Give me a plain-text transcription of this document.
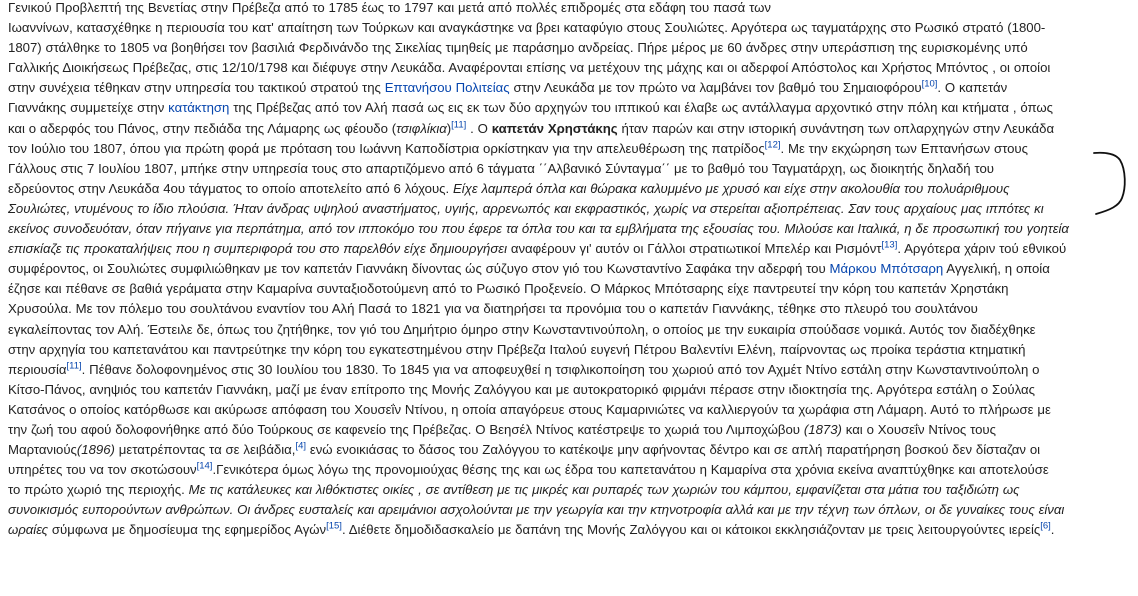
Γενικού Προβλεπτή της Βενετίας στην Πρέβεζα από το 1785 έως το 1797 και μετά από πολλές επιδρομές στα εδάφη του πασά των
Ιωαννίνων, κατασχέθηκε η περιουσία του κατ' απαίτηση των Τούρκων και αναγκάστηκε να βρει καταφύγιο στους Σουλιώτες. Αργότερα ως ταγματάρχης στο Ρωσικό στρατό (1800-
1807) στάλθηκε το 1805 να βοηθήσει τον βασιλιά Φερδινάνδο της Σικελίας τιμηθείς με παράσημο ανδρείας. Πήρε μέρος με 60 άνδρες στην υπεράσπιση της ευρισκομένης υπό
Γαλλικής Διοικήσεως Πρέβεζας, στις 12/10/1798 και διέφυγε στην Λευκάδα. Αναφέρονται επίσης να μετέχουν της μάχης και οι αδερφοί Απόστολος και Χρήστος Μπόντος , οι οποίοι
στην συνέχεια τέθηκαν στην υπηρεσία του τακτικού στρατού της Επτανήσου Πολιτείας στην Λευκάδα με τον πρώτο να λαμβάνει τον βαθμό του Σημαιοφόρου[10]. Ο καπετάν
Γιαννάκης συμμετείχε στην κατάκτηση της Πρέβεζας από τον Αλή πασά ως εις εκ των δύο αρχηγών του ιππικού και έλαβε ως αντάλλαγμα αρχοντικό στην πόλη και κτήματα , όπως
και ο αδερφός του Πάνος, στην πεδιάδα της Λάμαρης ως φέουδο (τσιφλίκια)[11] . Ο καπετάν Χρηστάκης ήταν παρών και στην ιστορική συνάντηση των οπλαρχηγών στην Λευκάδα
τον Ιούλιο του 1807, όπου για πρώτη φορά με πρόταση του Ιωάννη Καποδίστρια ορκίστηκαν για την απελευθέρωση της πατρίδος[12]. Με την εκχώρηση των Επτανήσων στους
Γάλλους στις 7 Ιουλίου 1807, μπήκε στην υπηρεσία τους στο απαρτιζόμενο από 6 τάγματα ΄΄Αλβανικό Σύνταγμα΄΄ με το βαθμό του Ταγματάρχη, ως διοικητής δηλαδή του
εδρεύοντος στην Λευκάδα 4ου τάγματος το οποίο αποτελείτο από 6 λόχους. Είχε λαμπερά όπλα και θώρακα καλυμμένο με χρυσό και είχε στην ακολουθία του πολυάριθμους
Σουλιώτες, ντυμένους το ίδιο πλούσια. Ήταν άνδρας υψηλού αναστήματος, υγιής, αρρενωπός και εκφραστικός, χωρίς να στερείται αξιοπρέπειας. Σαν τους αρχαίους μας ιππότες κι
εκείνος συνοδευόταν, όταν πήγαινε για περπάτημα, από τον ιπποκόμο του που έφερε τα όπλα του και τα εμβλήματα της εξουσίας του. Μιλούσε και Ιταλικά, η δε προσωπική του γοητεία
επισκίαζε τις προκαταλήψεις που η συμπεριφορά του στο παρελθόν είχε δημιουργήσει αναφέρουν γι' αυτόν οι Γάλλοι στρατιωτικοί Μπελέρ και Ρισμόντ[13]. Αργότερα χάριν τού εθνικού
συμφέροντος, οι Σουλιώτες συμφιλιώθηκαν με τον καπετάν Γιαννάκη δίνοντας ώς σύζυγο στον γιό του Κωνσταντίνο Σαφάκα την αδερφή του Μάρκου Μπότσαρη Αγγελική, η οποία
έζησε και πέθανε σε βαθιά γεράματα στην Καμαρίνα συνταξιοδοτούμενη από το Ρωσικό Προξενείο. Ο Μάρκος Μπότσαρης είχε παντρευτεί την κόρη του καπετάν Χρηστάκη
Χρυσούλα. Με τον πόλεμο του σουλτάνου εναντίον του Αλή Πασά το 1821 για να διατηρήσει τα προνόμια του ο καπετάν Γιαννάκης, τέθηκε στο πλευρό του σουλτάνου
εγκαλείποντας τον Αλή. Έστειλε δε, όπως του ζητήθηκε, τον γιό του Δημήτριο όμηρο στην Κωνσταντινούπολη, ο οποίος με την ευκαιρία σπούδασε νομικά. Αυτός τον διαδέχθηκε
στην αρχηγία του καπετανάτου και παντρεύτηκε την κόρη του εγκατεστημένου στην Πρέβεζα Ιταλού ευγενή Πέτρου Βαλεντίνι Ελένη, παίρνοντας ως προίκα τεράστια κτηματική
περιουσία[11]. Πέθανε δολοφονημένος στις 30 Ιουλίου του 1830. Το 1845 για να αποφευχθεί η τσιφλικοποίηση του χωριού από τον Αχμέτ Ντίνο εστάλη στην Κωνσταντινούπολη ο
Κίτσο-Πάνος, ανηψιός του καπετάν Γιαννάκη, μαζί με έναν επίτροπο της Μονής Ζαλόγγου και με αυτοκρατορικό φιρμάνι πέρασε στην ιδιοκτησία της. Αργότερα εστάλη ο Σούλας
Κατσάνος ο οποίος κατόρθωσε και ακύρωσε απόφαση του Χουσεΐν Ντίνου, η οποία απαγόρευε στους Καμαρινιώτες να καλλιεργούν τα χωράφια στη Λάμαρη. Αυτό το πλήρωσε με
την ζωή του αφού δολοφονήθηκε από δύο Τούρκους σε καφενείο της Πρέβεζας. Ο Βεησέλ Ντίνος κατέστρεψε το χωριά του Λιμποχώβου (1873) και ο Χουσεΐν Ντίνος τους
Μαρτανιούς(1896) μετατρέποντας τα σε λειβάδια,[4] ενώ ενοικιάσας το δάσος του Ζαλόγγου το κατέκοψε μην αφήνοντας δέντρο και σε απλή παρατήρηση βοσκού δεν δίσταζαν οι
υπηρέτες του να τον σκοτώσουν[14].Γενικότερα όμως λόγω της προνομιούχας θέσης της και ως έδρα του καπετανάτου η Καμαρίνα στα χρόνια εκείνα αναπτύχθηκε και αποτελούσε
το πρώτο χωριό της περιοχής. Με τις κατάλευκες και λιθόκτιστες οικίες , σε αντίθεση με τις μικρές και ρυπαρές των χωριών του κάμπου, εμφανίζεται στα μάτια του ταξιδιώτη ως
συνοικισμός ευπορούντων ανθρώπων. Οι άνδρες ευσταλείς και αρειμάνιοι ασχολούνται με την γεωργία και την κτηνοτροφία αλλά και με την τέχνη των όπλων, οι δε γυναίκες τους είναι
ωραίες σύμφωνα με δημοσίευμα της εφημερίδος Αγών[15]. Διέθετε δημοδιδασκαλείο με δαπάνη της Μονής Ζαλόγγου και οι κάτοικοι εκκλησιάζονταν με τρεις λειτουργούντες ιερείς[6].
